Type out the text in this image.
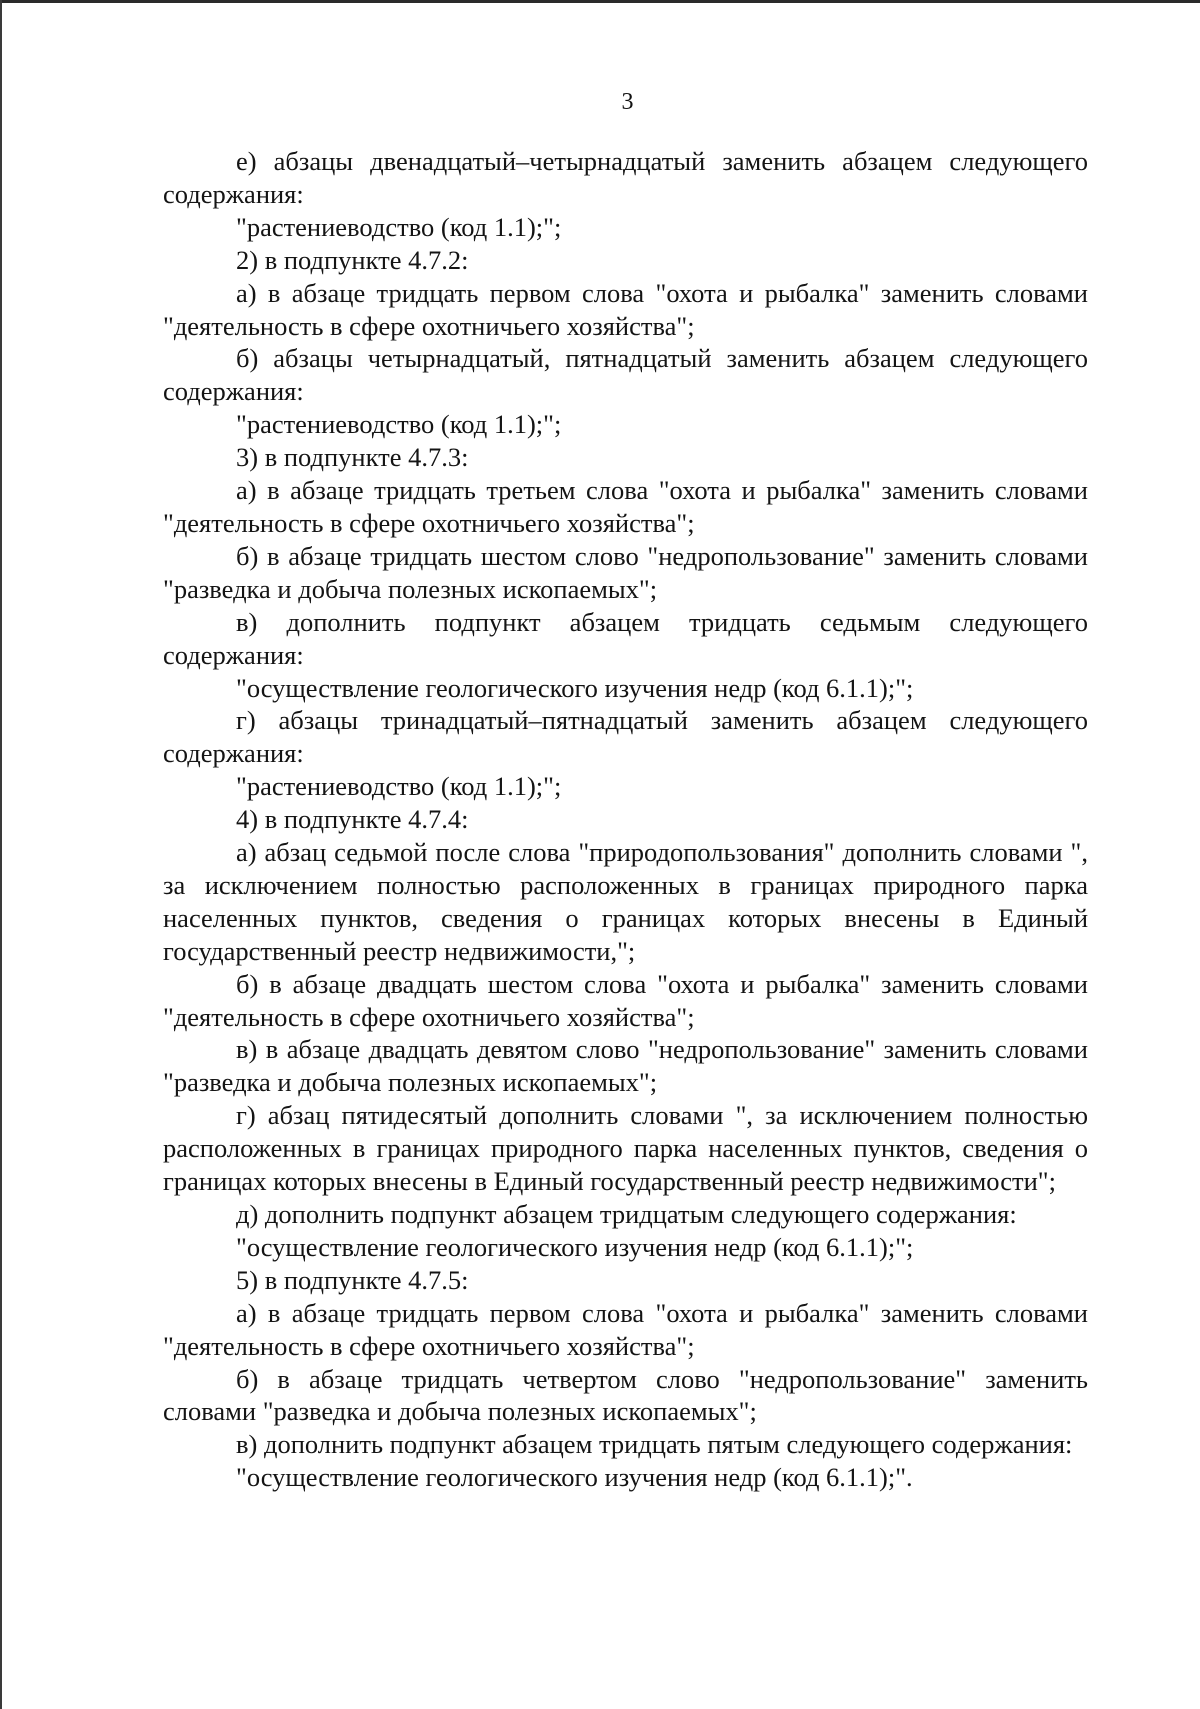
3

е) абзацы двенадцатый–четырнадцатый заменить абзацем следующего содержания:

"растениеводство (код 1.1);";

2) в подпункте 4.7.2:

а) в абзаце тридцать первом слова "охота и рыбалка" заменить словами "деятельность в сфере охотничьего хозяйства";

б) абзацы четырнадцатый, пятнадцатый заменить абзацем следующего содержания:

"растениеводство (код 1.1);";

3) в подпункте 4.7.3:

а) в абзаце тридцать третьем слова "охота и рыбалка" заменить словами "деятельность в сфере охотничьего хозяйства";

б) в абзаце тридцать шестом слово "недропользование" заменить словами "разведка и добыча полезных ископаемых";

в) дополнить подпункт абзацем тридцать седьмым следующего содержания:

"осуществление геологического изучения недр (код 6.1.1);";

г) абзацы тринадцатый–пятнадцатый заменить абзацем следующего содержания:

"растениеводство (код 1.1);";

4) в подпункте 4.7.4:

а) абзац седьмой после слова "природопользования" дополнить словами ", за исключением полностью расположенных в границах природного парка населенных пунктов, сведения о границах которых внесены в Единый государственный реестр недвижимости,";

б) в абзаце двадцать шестом слова "охота и рыбалка" заменить словами "деятельность в сфере охотничьего хозяйства";

в) в абзаце двадцать девятом слово "недропользование" заменить словами "разведка и добыча полезных ископаемых";

г) абзац пятидесятый дополнить словами ", за исключением полностью расположенных в границах природного парка населенных пунктов, сведения о границах которых внесены в Единый государственный реестр недвижимости";

д) дополнить подпункт абзацем тридцатым следующего содержания:

"осуществление геологического изучения недр (код 6.1.1);";

5) в подпункте 4.7.5:

а) в абзаце тридцать первом слова "охота и рыбалка" заменить словами "деятельность в сфере охотничьего хозяйства";

б) в абзаце тридцать четвертом слово "недропользование" заменить словами "разведка и добыча полезных ископаемых";

в) дополнить подпункт абзацем тридцать пятым следующего содержания:

"осуществление геологического изучения недр (код 6.1.1);".
